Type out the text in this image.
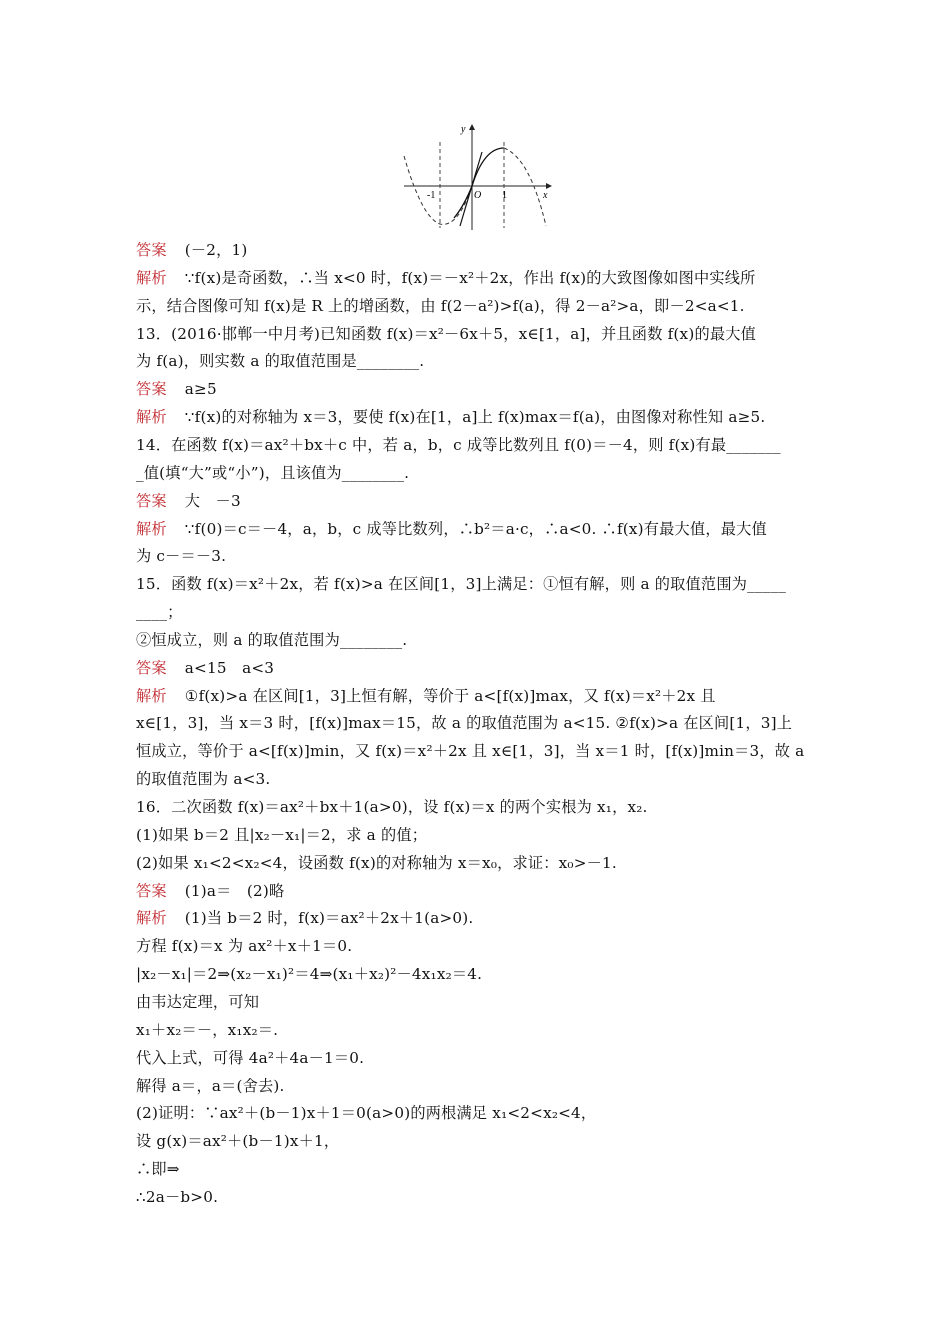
y
x
O
-1	1
答案 (－2，1)
解析 ∵f(x)是奇函数，∴当 x<0 时，f(x)＝－x²＋2x，作出 f(x)的大致图像如图中实线所
示，结合图像可知 f(x)是 R 上的增函数，由 f(2－a²)>f(a)，得 2－a²>a，即－2<a<1.
13．(2016·邯郸一中月考)已知函数 f(x)＝x²－6x＋5，x∈[1，a]，并且函数 f(x)的最大值
为 f(a)，则实数 a 的取值范围是________.
答案 a≥5
解析 ∵f(x)的对称轴为 x＝3，要使 f(x)在[1，a]上 f(x)max＝f(a)，由图像对称性知 a≥5.
14．在函数 f(x)＝ax²＋bx＋c 中，若 a，b，c 成等比数列且 f(0)＝－4，则 f(x)有最_______
_值(填“大”或“小”)，且该值为________.
答案 大　－3
解析 ∵f(0)＝c＝－4，a，b，c 成等比数列，∴b²＝a·c，∴a<0. ∴f(x)有最大值，最大值
为 c－＝－3.
15．函数 f(x)＝x²＋2x，若 f(x)>a 在区间[1，3]上满足：①恒有解，则 a 的取值范围为_____
____；
②恒成立，则 a 的取值范围为________.
答案 a<15　a<3
解析 ①f(x)>a 在区间[1，3]上恒有解，等价于 a<[f(x)]max，又 f(x)＝x²＋2x 且
x∈[1，3]，当 x＝3 时，[f(x)]max＝15，故 a 的取值范围为 a<15. ②f(x)>a 在区间[1，3]上
恒成立，等价于 a<[f(x)]min，又 f(x)＝x²＋2x 且 x∈[1，3]，当 x＝1 时，[f(x)]min＝3，故 a
的取值范围为 a<3.
16．二次函数 f(x)＝ax²＋bx＋1(a>0)，设 f(x)＝x 的两个实根为 x₁，x₂.
(1)如果 b＝2 且|x₂－x₁|＝2，求 a 的值；
(2)如果 x₁<2<x₂<4，设函数 f(x)的对称轴为 x＝x₀，求证：x₀>－1.
答案 (1)a＝　(2)略
解析 (1)当 b＝2 时，f(x)＝ax²＋2x＋1(a>0).
方程 f(x)＝x 为 ax²＋x＋1＝0.
|x₂－x₁|＝2⇒(x₂－x₁)²＝4⇒(x₁＋x₂)²－4x₁x₂＝4.
由韦达定理，可知
x₁＋x₂＝－，x₁x₂＝.
代入上式，可得 4a²＋4a－1＝0.
解得 a＝，a＝(舍去).
(2)证明：∵ax²＋(b－1)x＋1＝0(a>0)的两根满足 x₁<2<x₂<4，
设 g(x)＝ax²＋(b－1)x＋1，
∴即⇒
∴2a－b>0.
